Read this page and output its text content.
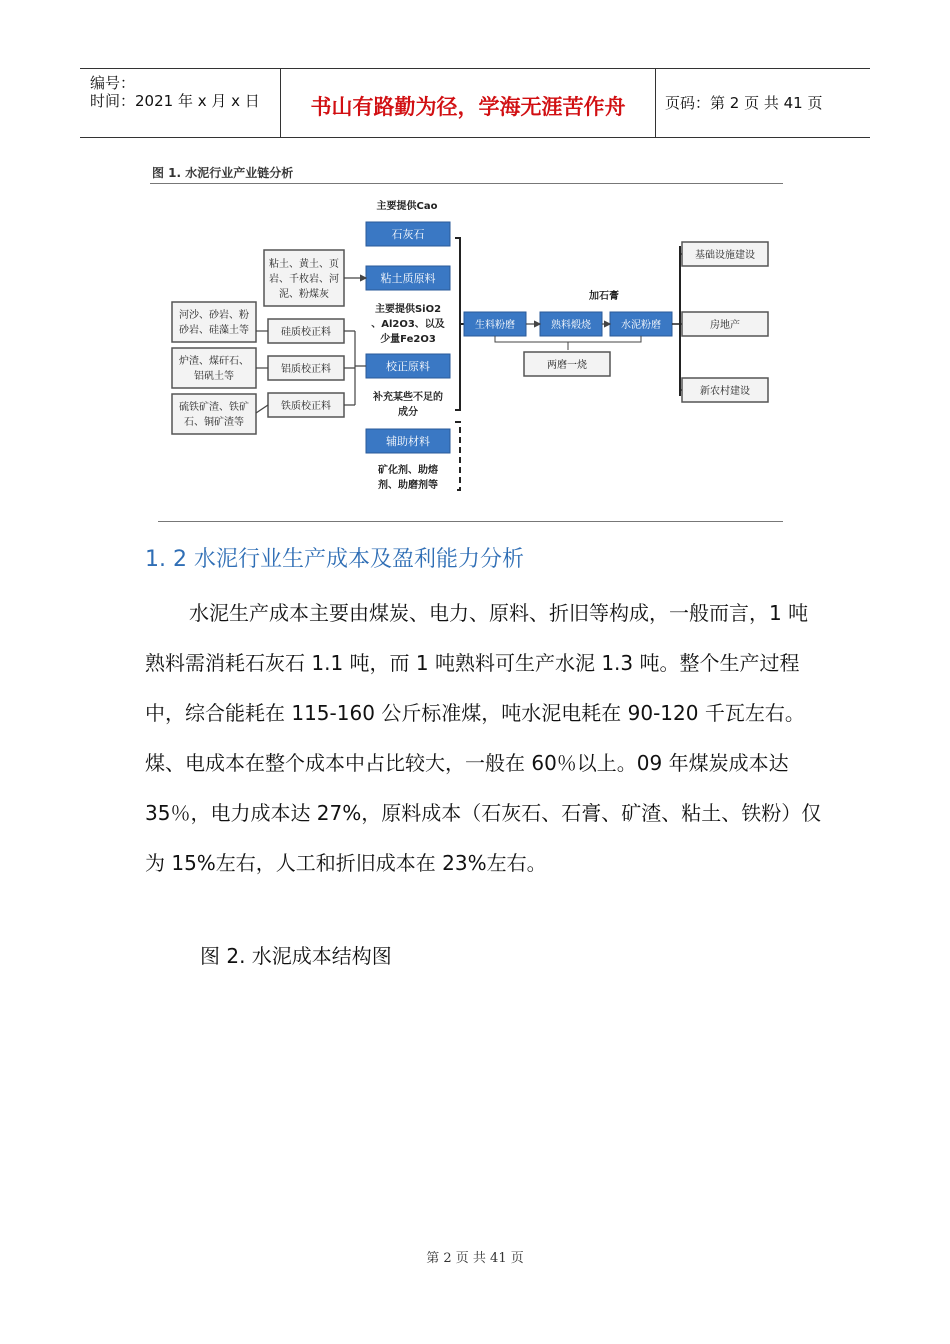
编号：
时间：2021 年 x 月 x 日	书山有路勤为径，学海无涯苦作舟	页码：第 2 页 共 41 页
图 1. 水泥行业产业链分析
主要提供Cao
石灰石
粘土质原料
主要提供SiO2
、Al2O3、以及
少量Fe2O3
校正原料
补充某些不足的
成分
辅助材料
矿化剂、助熔
剂、助磨剂等
粘土、黄土、页
岩、千枚岩、河
泥、粉煤灰
硅质校正料
铝质校正料
铁质校正料
河沙、砂岩、粉
砂岩、硅藻土等
炉渣、煤矸石、
铝矾土等
硫铁矿渣、铁矿
石、铜矿渣等
加石膏
生料粉磨	熟料煅烧	水泥粉磨
两磨一烧
基础设施建设
房地产
新农村建设
1. 2 水泥行业生产成本及盈利能力分析
水泥生产成本主要由煤炭、电力、原料、折旧等构成，一般而言，1 吨熟料需消耗石灰石 1.1 吨，而 1 吨熟料可生产水泥 1.3 吨。整个生产过程中，综合能耗在 115-160 公斤标准煤，吨水泥电耗在 90-120 千瓦左右。煤、电成本在整个成本中占比较大，一般在 60％以上。09 年煤炭成本达 35％，电力成本达 27%，原料成本（石灰石、石膏、矿渣、粘土、铁粉）仅为 15%左右，人工和折旧成本在 23%左右。
图 2. 水泥成本结构图
第 2 页 共 41 页
